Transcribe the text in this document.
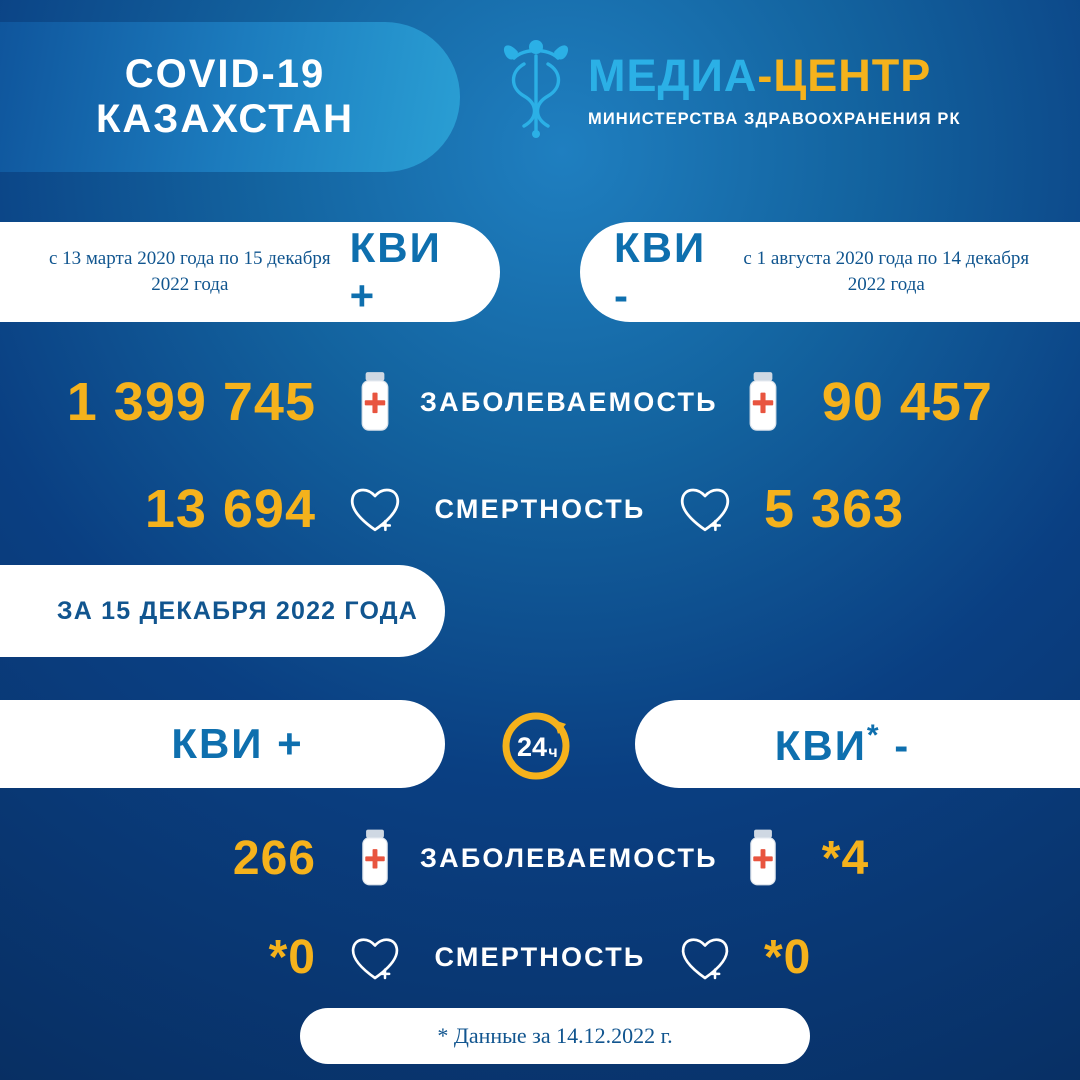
COVID-19
КАЗАХСТАН
МЕДИА-ЦЕНТР
МИНИСТЕРСТВА ЗДРАВООХРАНЕНИЯ РК
с 13 марта 2020 года по 15 декабря 2022 года
КВИ +
КВИ -
с 1 августа 2020 года по 14 декабря 2022 года
1 399 745	ЗАБОЛЕВАЕМОСТЬ 90 457
13 694	СМЕРТНОСТЬ 5 363
ЗА 15 ДЕКАБРЯ 2022 ГОДА
КВИ +	24 ч	КВИ* -
266	ЗАБОЛЕВАЕМОСТЬ *4
*0	СМЕРТНОСТЬ *0
* Данные за 14.12.2022 г.
